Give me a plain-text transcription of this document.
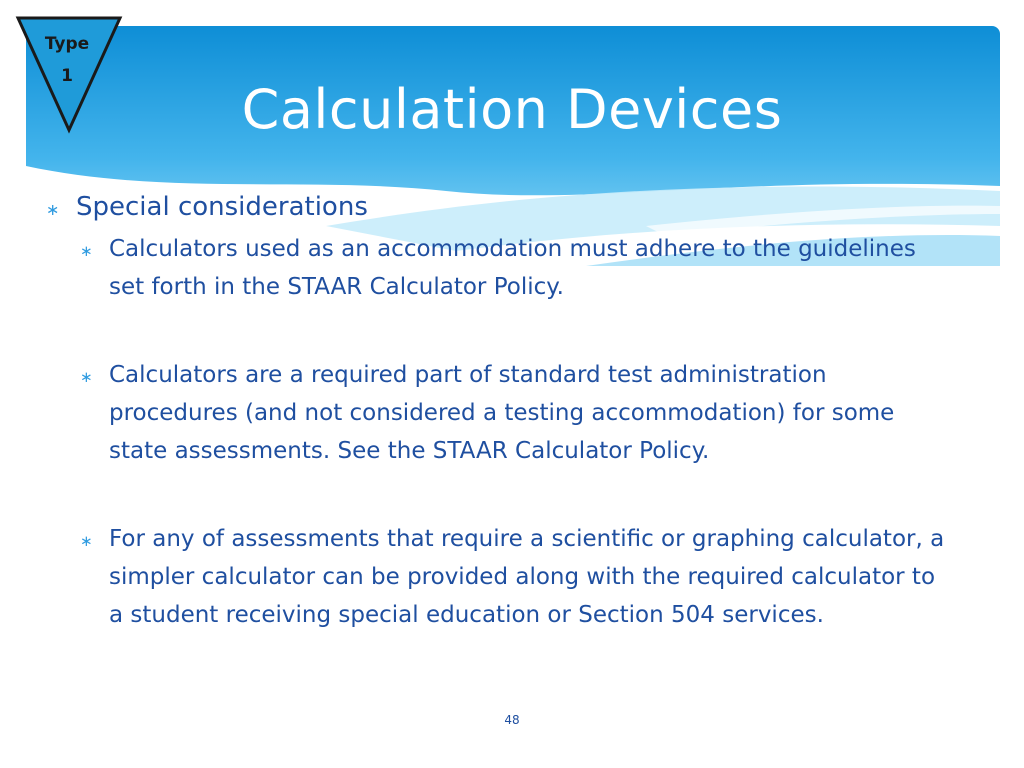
Calculation Devices
Type
1
∗ Special considerations
∗ Calculators used as an accommodation must adhere to the guidelines set forth in the STAAR Calculator Policy.
∗ Calculators are a required part of standard test administration procedures (and not considered a testing accommodation) for some state assessments. See the STAAR Calculator Policy.
∗ For any of assessments that require a scientific or graphing calculator, a simpler calculator can be provided along with the required calculator to a student receiving special education or Section 504 services.
48
